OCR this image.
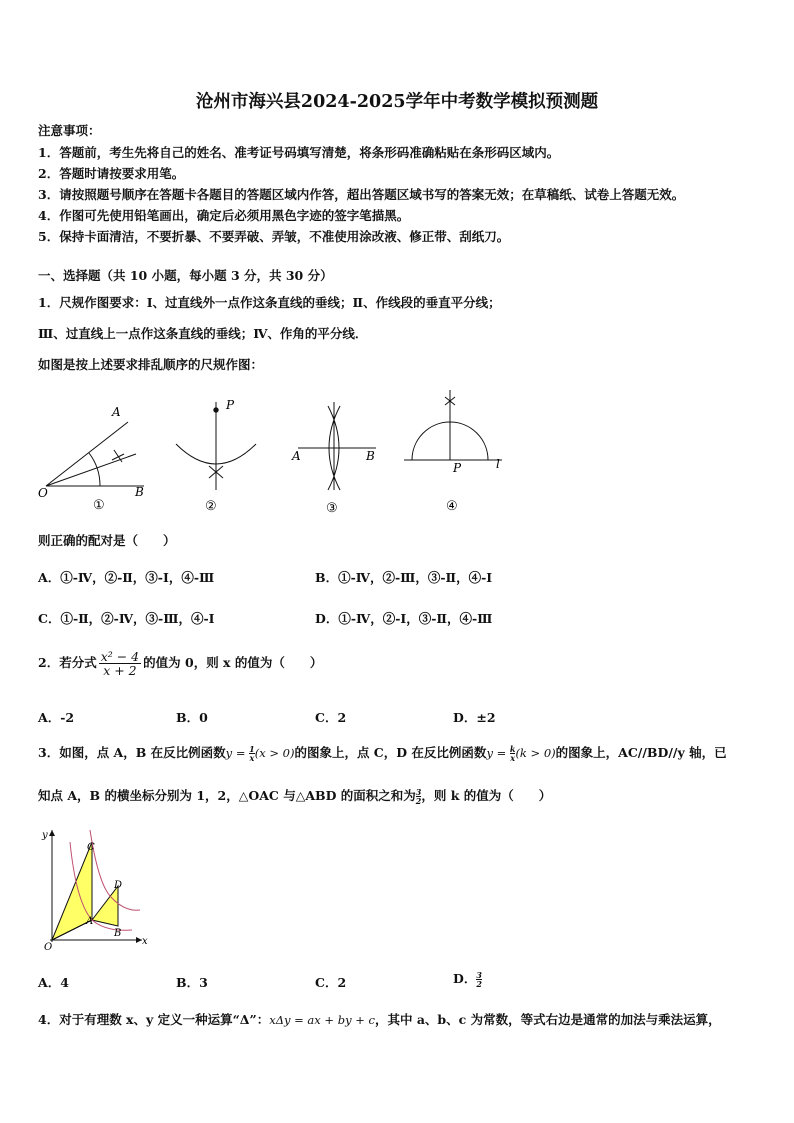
沧州市海兴县2024-2025学年中考数学模拟预测题
注意事项：
1．答题前，考生先将自己的姓名、准考证号码填写清楚，将条形码准确粘贴在条形码区域内。
2．答题时请按要求用笔。
3．请按照题号顺序在答题卡各题目的答题区域内作答，超出答题区域书写的答案无效；在草稿纸、试卷上答题无效。
4．作图可先使用铅笔画出，确定后必须用黑色字迹的签字笔描黑。
5．保持卡面清洁，不要折暴、不要弄破、弄皱，不准使用涂改液、修正带、刮纸刀。
一、选择题（共 10 小题，每小题 3 分，共 30 分）
1．尺规作图要求：Ⅰ、过直线外一点作这条直线的垂线；Ⅱ、作线段的垂直平分线；
Ⅲ、过直线上一点作这条直线的垂线；Ⅳ、作角的平分线．
如图是按上述要求排乱顺序的尺规作图：
A
O	B
①
P
②
A	B
③
P	l
④
则正确的配对是（　　）
A．①-Ⅳ，②-Ⅱ，③-Ⅰ，④-Ⅲ	B．①-Ⅳ，②-Ⅲ，③-Ⅱ，④-Ⅰ
C．①-Ⅱ，②-Ⅳ，③-Ⅲ，④-Ⅰ	D．①-Ⅳ，②-Ⅰ，③-Ⅱ，④-Ⅲ
2．若分式 $\frac{\text{x² − 4}}{x + 2}$ 的值为 0，则 x 的值为（　　）
A．-2	B．0	C．2	D．±2
3．如图，点 A，B 在反比例函数$y = \frac{1}{x} (x > 0)$的图象上，点 C，D 在反比例函数$y = \frac{k}{x} (k > 0)$的图象上，AC//BD//y 轴，已
知点 A，B 的横坐标分别为 1，2，△OAC 与△ABD 的面积之和为 $\frac{3}{2}$ ，则 k 的值为（　　）
y
x
O
A
B
C
D
A．4	B．3	C．2	D． $\frac{3}{2}$
4．对于有理数 x、y 定义一种运算“Δ”：xΔy = ax + by + c，其中 a、b、c 为常数，等式右边是通常的加法与乘法运算，
